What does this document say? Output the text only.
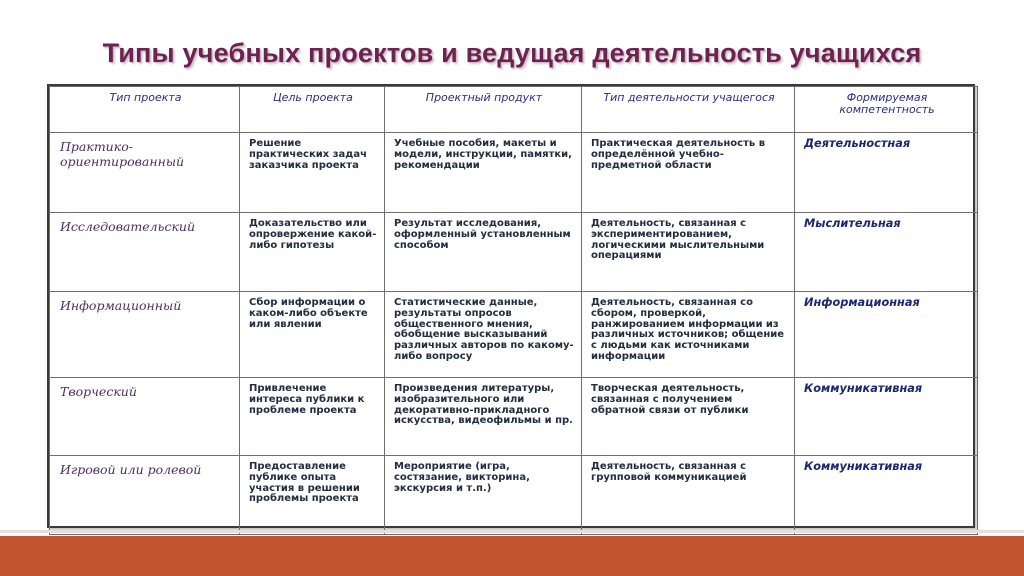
Типы учебных проектов и ведущая деятельность учащихся
Тип проекта	Цель проекта	Проектный продукт	Тип деятельности учащегося	Формируемая компетентность
Практико-ориентированный	Решение практических задач заказчика проекта	Учебные пособия, макеты и модели, инструкции, памятки, рекомендации	Практическая деятельность в определённой учебно-предметной области	Деятельностная
Исследовательский	Доказательство или опровержение какой-либо гипотезы	Результат исследования, оформленный установленным способом	Деятельность, связанная с экспериментированием, логическими мыслительными операциями	Мыслительная
Информационный	Сбор информации о каком-либо объекте или явлении	Статистические данные, результаты опросов общественного мнения, обобщение высказываний различных авторов по какому-либо вопросу	Деятельность, связанная со сбором, проверкой, ранжированием информации из различных источников; общение с людьми как источниками информации	Информационная
Творческий	Привлечение интереса публики к проблеме проекта	Произведения литературы, изобразительного или декоративно-прикладного искусства, видеофильмы и пр.	Творческая деятельность, связанная с получением обратной связи от публики	Коммуникативная
Игровой или ролевой	Предоставление публике опыта участия в решении проблемы проекта	Мероприятие (игра, состязание, викторина, экскурсия и т.п.)	Деятельность, связанная с групповой коммуникацией	Коммуникативная
